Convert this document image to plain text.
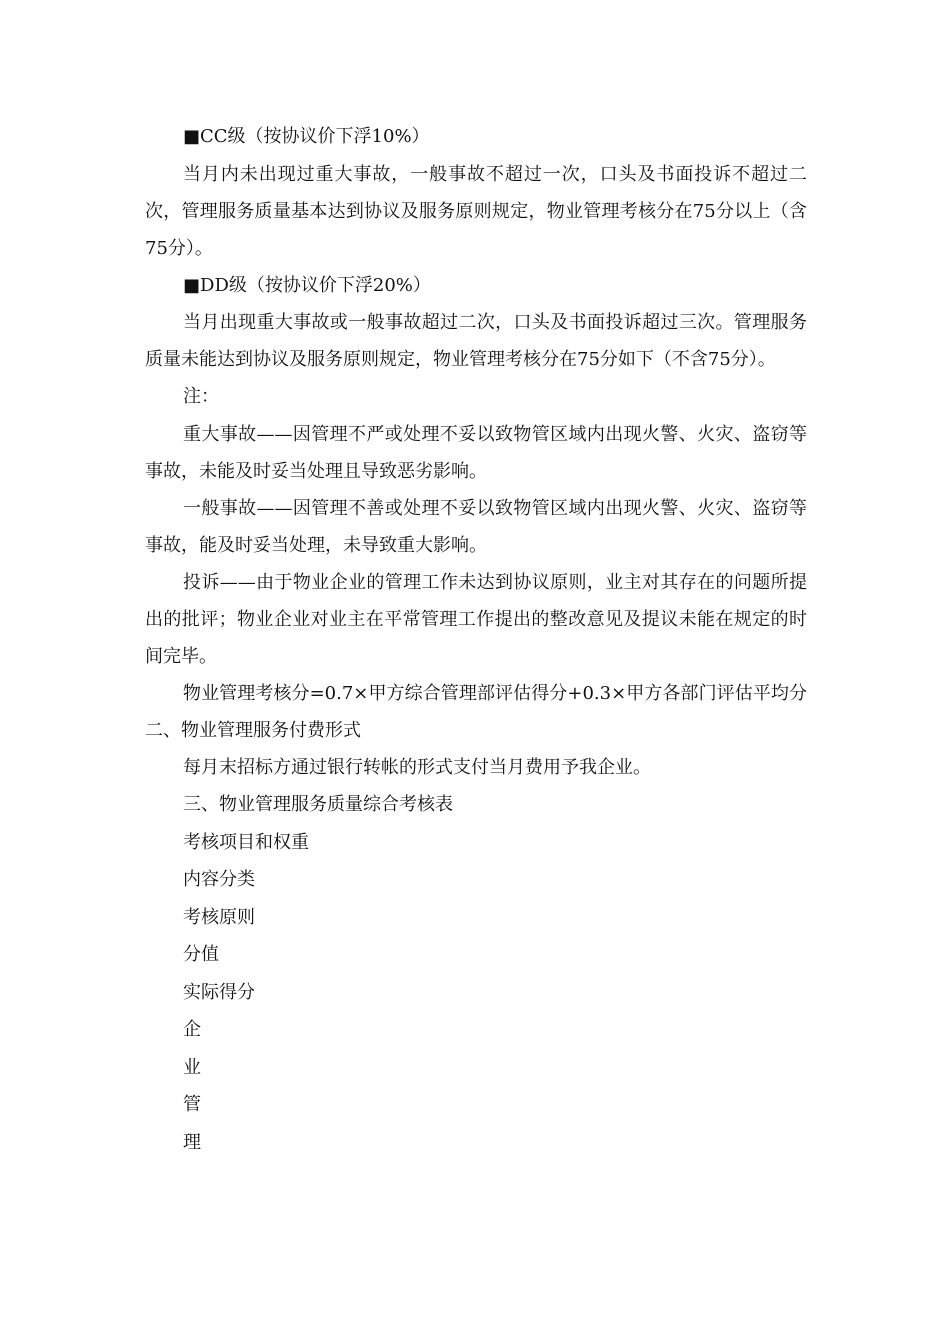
■CC级（按协议价下浮10%）

当月内未出现过重大事故，一般事故不超过一次，口头及书面投诉不超过二次，管理服务质量基本达到协议及服务原则规定，物业管理考核分在75分以上（含75分）。

■DD级（按协议价下浮20%）

当月出现重大事故或一般事故超过二次，口头及书面投诉超过三次。管理服务质量未能达到协议及服务原则规定，物业管理考核分在75分如下（不含75分）。

注：

重大事故——因管理不严或处理不妥以致物管区域内出现火警、火灾、盗窃等事故，未能及时妥当处理且导致恶劣影响。

一般事故——因管理不善或处理不妥以致物管区域内出现火警、火灾、盗窃等事故，能及时妥当处理，未导致重大影响。

投诉——由于物业企业的管理工作未达到协议原则，业主对其存在的问题所提出的批评；物业企业对业主在平常管理工作提出的整改意见及提议未能在规定的时间完毕。

物业管理考核分=0.7×甲方综合管理部评估得分+0.3×甲方各部门评估平均分二、物业管理服务付费形式

每月末招标方通过银行转帐的形式支付当月费用予我企业。

三、物业管理服务质量综合考核表

考核项目和权重

内容分类

考核原则

分值

实际得分

企

业

管

理
